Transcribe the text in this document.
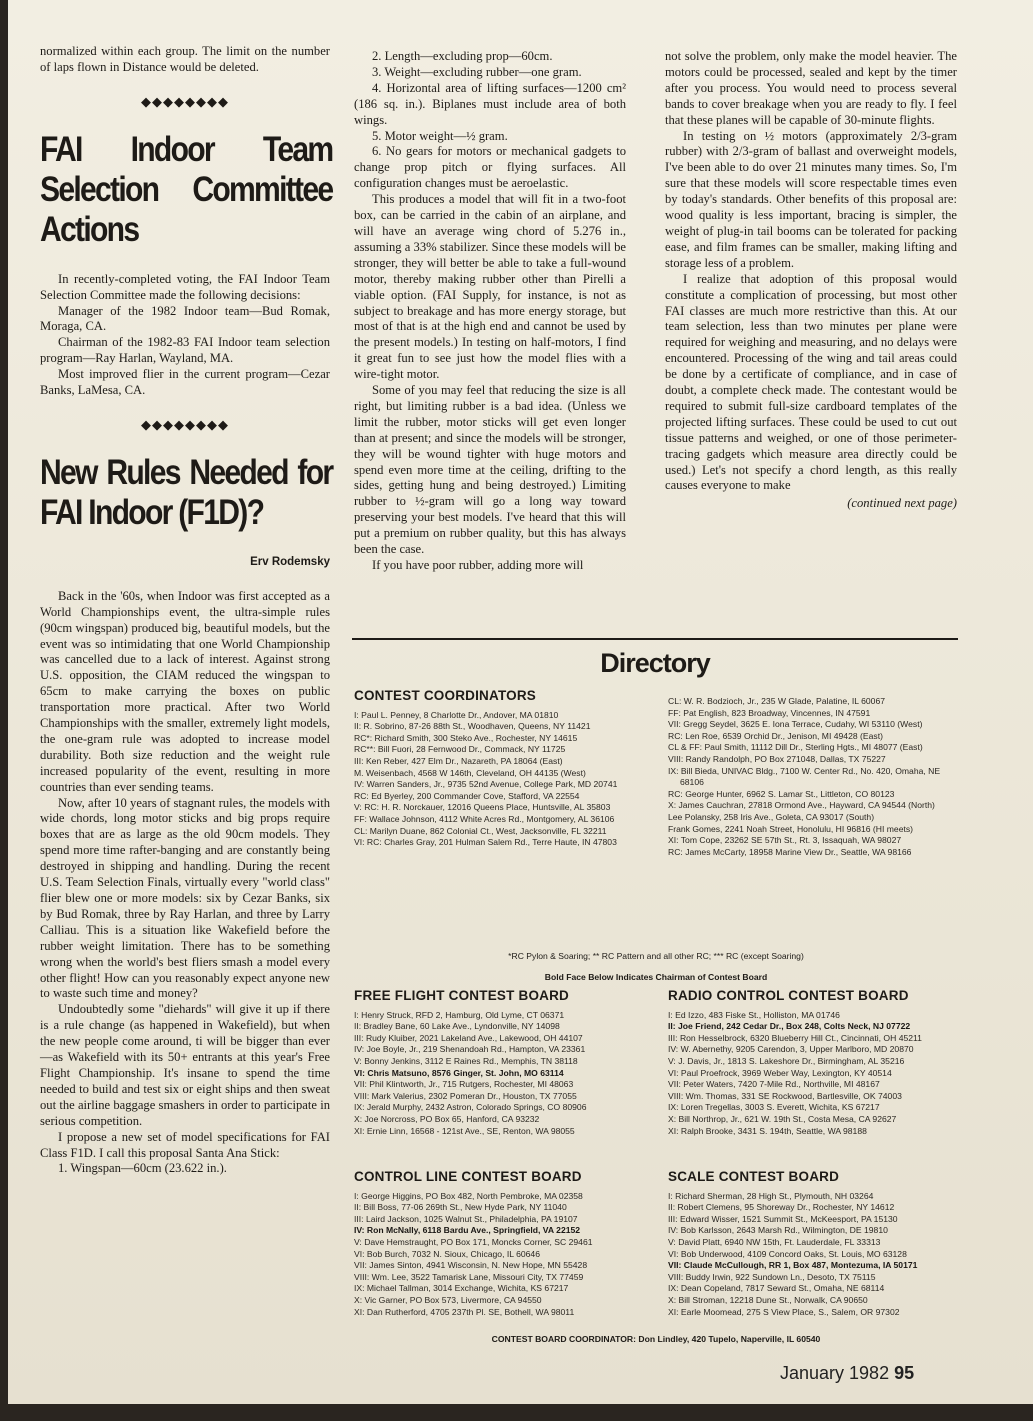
normalized within each group. The limit on the number of laps flown in Distance would be deleted.

◆◆◆◆◆◆◆◆
FAI Indoor Team Selection Committee Actions

In recently-completed voting, the FAI Indoor Team Selection Committee made the following decisions:

Manager of the 1982 Indoor team—Bud Romak, Moraga, CA.

Chairman of the 1982-83 FAI Indoor team selection program—Ray Harlan, Wayland, MA.

Most improved flier in the current program—Cezar Banks, LaMesa, CA.

◆◆◆◆◆◆◆◆
New Rules Needed for FAI Indoor (F1D)?
Erv Rodemsky

Back in the '60s, when Indoor was first accepted as a World Championships event, the ultra-simple rules (90cm wingspan) produced big, beautiful models, but the event was so intimidating that one World Championship was cancelled due to a lack of interest. Against strong U.S. opposition, the CIAM reduced the wingspan to 65cm to make carrying the boxes on public transportation more practical. After two World Championships with the smaller, extremely light models, the one-gram rule was adopted to increase model durability. Both size reduction and the weight rule increased popularity of the event, resulting in more countries than ever sending teams.

Now, after 10 years of stagnant rules, the models with wide chords, long motor sticks and big props require boxes that are as large as the old 90cm models. They spend more time rafter-banging and are constantly being destroyed in shipping and handling. During the recent U.S. Team Selection Finals, virtually every "world class" flier blew one or more models: six by Cezar Banks, six by Bud Romak, three by Ray Harlan, and three by Larry Calliau. This is a situation like Wakefield before the rubber weight limitation. There has to be something wrong when the world's best fliers smash a model every other flight! How can you reasonably expect anyone new to waste such time and money?

Undoubtedly some "diehards" will give it up if there is a rule change (as happened in Wakefield), but when the new people come around, ti will be bigger than ever—as Wakefield with its 50+ entrants at this year's Free Flight Championship. It's insane to spend the time needed to build and test six or eight ships and then sweat out the airline baggage smashers in order to participate in serious competition.

I propose a new set of model specifications for FAI Class F1D. I call this proposal Santa Ana Stick:

1. Wingspan—60cm (23.622 in.).

2. Length—excluding prop—60cm.

3. Weight—excluding rubber—one gram.

4. Horizontal area of lifting surfaces—1200 cm² (186 sq. in.). Biplanes must include area of both wings.

5. Motor weight—½ gram.

6. No gears for motors or mechanical gadgets to change prop pitch or flying surfaces. All configuration changes must be aeroelastic.

This produces a model that will fit in a two-foot box, can be carried in the cabin of an airplane, and will have an average wing chord of 5.276 in., assuming a 33% stabilizer. Since these models will be stronger, they will better be able to take a full-wound motor, thereby making rubber other than Pirelli a viable option. (FAI Supply, for instance, is not as subject to breakage and has more energy storage, but most of that is at the high end and cannot be used by the present models.) In testing on half-motors, I find it great fun to see just how the model flies with a wire-tight motor.

Some of you may feel that reducing the size is all right, but limiting rubber is a bad idea. (Unless we limit the rubber, motor sticks will get even longer than at present; and since the models will be stronger, they will be wound tighter with huge motors and spend even more time at the ceiling, drifting to the sides, getting hung and being destroyed.) Limiting rubber to ½-gram will go a long way toward preserving your best models. I've heard that this will put a premium on rubber quality, but this has always been the case.

If you have poor rubber, adding more will

not solve the problem, only make the model heavier. The motors could be processed, sealed and kept by the timer after you process. You would need to process several bands to cover breakage when you are ready to fly. I feel that these planes will be capable of 30-minute flights.

In testing on ½ motors (approximately 2/3-gram rubber) with 2/3-gram of ballast and overweight models, I've been able to do over 21 minutes many times. So, I'm sure that these models will score respectable times even by today's standards. Other benefits of this proposal are: wood quality is less important, bracing is simpler, the weight of plug-in tail booms can be tolerated for packing ease, and film frames can be smaller, making lifting and storage less of a problem.

I realize that adoption of this proposal would constitute a complication of processing, but most other FAI classes are much more restrictive than this. At our team selection, less than two minutes per plane were required for weighing and measuring, and no delays were encountered. Processing of the wing and tail areas could be done by a certificate of compliance, and in case of doubt, a complete check made. The contestant would be required to submit full-size cardboard templates of the projected lifting surfaces. These could be used to cut out tissue patterns and weighed, or one of those perimeter-tracing gadgets which measure area directly could be used.) Let's not specify a chord length, as this really causes everyone to make

(continued next page)
Directory
CONTEST COORDINATORS
I: Paul L. Penney, 8 Charlotte Dr., Andover, MA 01810
II: R. Sobrino, 87-26 88th St., Woodhaven, Queens, NY 11421
RC*: Richard Smith, 300 Steko Ave., Rochester, NY 14615
RC**: Bill Fuori, 28 Fernwood Dr., Commack, NY 11725
III: Ken Reber, 427 Elm Dr., Nazareth, PA 18064 (East)
M. Weisenbach, 4568 W 146th, Cleveland, OH 44135 (West)
IV: Warren Sanders, Jr., 9735 52nd Avenue, College Park, MD 20741
RC: Ed Byerley, 200 Commander Cove, Stafford, VA 22554
V: RC: H. R. Norckauer, 12016 Queens Place, Huntsville, AL 35803
FF: Wallace Johnson, 4112 White Acres Rd., Montgomery, AL 36106
CL: Marilyn Duane, 862 Colonial Ct., West, Jacksonville, FL 32211
VI: RC: Charles Gray, 201 Hulman Salem Rd., Terre Haute, IN 47803
CL: W. R. Bodzioch, Jr., 235 W Glade, Palatine, IL 60067
FF: Pat English, 823 Broadway, Vincennes, IN 47591
VII: Gregg Seydel, 3625 E. Iona Terrace, Cudahy, WI 53110 (West)
RC: Len Roe, 6539 Orchid Dr., Jenison, MI 49428 (East)
CL & FF: Paul Smith, 11112 Dill Dr., Sterling Hgts., MI 48077 (East)
VIII: Randy Randolph, PO Box 271048, Dallas, TX 75227
IX: Bill Bieda, UNIVAC Bldg., 7100 W. Center Rd., No. 420, Omaha, NE 68106
RC: George Hunter, 6962 S. Lamar St., Littleton, CO 80123
X: James Cauchran, 27818 Ormond Ave., Hayward, CA 94544 (North)
Lee Polansky, 258 Iris Ave., Goleta, CA 93017 (South)
Frank Gomes, 2241 Noah Street, Honolulu, HI 96816 (HI meets)
XI: Tom Cope, 23262 SE 57th St., Rt. 3, Issaquah, WA 98027
RC: James McCarty, 18958 Marine View Dr., Seattle, WA 98166
*RC Pylon & Soaring; ** RC Pattern and all other RC; *** RC (except Soaring)
Bold Face Below Indicates Chairman of Contest Board
FREE FLIGHT CONTEST BOARD
I: Henry Struck, RFD 2, Hamburg, Old Lyme, CT 06371
II: Bradley Bane, 60 Lake Ave., Lyndonville, NY 14098
III: Rudy Kluiber, 2021 Lakeland Ave., Lakewood, OH 44107
IV: Joe Boyle, Jr., 219 Shenandoah Rd., Hampton, VA 23361
V: Bonny Jenkins, 3112 E Raines Rd., Memphis, TN 38118
VI: Chris Matsuno, 8576 Ginger, St. John, MO 63114
VII: Phil Klintworth, Jr., 715 Rutgers, Rochester, MI 48063
VIII: Mark Valerius, 2302 Pomeran Dr., Houston, TX 77055
IX: Jerald Murphy, 2432 Astron, Colorado Springs, CO 80906
X: Joe Norcross, PO Box 65, Hanford, CA 93232
XI: Ernie Linn, 16568 - 121st Ave., SE, Renton, WA 98055
RADIO CONTROL CONTEST BOARD
I: Ed Izzo, 483 Fiske St., Holliston, MA 01746
II: Joe Friend, 242 Cedar Dr., Box 248, Colts Neck, NJ 07722
III: Ron Hesselbrock, 6320 Blueberry Hill Ct., Cincinnati, OH 45211
IV: W. Abernethy, 9205 Carendon, 3, Upper Marlboro, MD 20870
V: J. Davis, Jr., 1813 S. Lakeshore Dr., Birmingham, AL 35216
VI: Paul Proefrock, 3969 Weber Way, Lexington, KY 40514
VII: Peter Waters, 7420 7-Mile Rd., Northville, MI 48167
VIII: Wm. Thomas, 331 SE Rockwood, Bartlesville, OK 74003
IX: Loren Tregellas, 3003 S. Everett, Wichita, KS 67217
X: Bill Northrop, Jr., 621 W. 19th St., Costa Mesa, CA 92627
XI: Ralph Brooke, 3431 S. 194th, Seattle, WA 98188
CONTROL LINE CONTEST BOARD
I: George Higgins, PO Box 482, North Pembroke, MA 02358
II: Bill Boss, 77-06 269th St., New Hyde Park, NY 11040
III: Laird Jackson, 1025 Walnut St., Philadelphia, PA 19107
IV: Ron McNally, 6118 Bardu Ave., Springfield, VA 22152
V: Dave Hemstraught, PO Box 171, Moncks Corner, SC 29461
VI: Bob Burch, 7032 N. Sioux, Chicago, IL 60646
VII: James Sinton, 4941 Wisconsin, N. New Hope, MN 55428
VIII: Wm. Lee, 3522 Tamarisk Lane, Missouri City, TX 77459
IX: Michael Tallman, 3014 Exchange, Wichita, KS 67217
X: Vic Garner, PO Box 573, Livermore, CA 94550
XI: Dan Rutherford, 4705 237th Pl. SE, Bothell, WA 98011
SCALE CONTEST BOARD
I: Richard Sherman, 28 High St., Plymouth, NH 03264
II: Robert Clemens, 95 Shoreway Dr., Rochester, NY 14612
III: Edward Wisser, 1521 Summit St., McKeesport, PA 15130
IV: Bob Karlsson, 2643 Marsh Rd., Wilmington, DE 19810
V: David Platt, 6940 NW 15th, Ft. Lauderdale, FL 33313
VI: Bob Underwood, 4109 Concord Oaks, St. Louis, MO 63128
VII: Claude McCullough, RR 1, Box 487, Montezuma, IA 50171
VIII: Buddy Irwin, 922 Sundown Ln., Desoto, TX 75115
IX: Dean Copeland, 7817 Seward St., Omaha, NE 68114
X: Bill Stroman, 12218 Dune St., Norwalk, CA 90650
XI: Earle Moomead, 275 S View Place, S., Salem, OR 97302
CONTEST BOARD COORDINATOR: Don Lindley, 420 Tupelo, Naperville, IL 60540
January 1982 95
